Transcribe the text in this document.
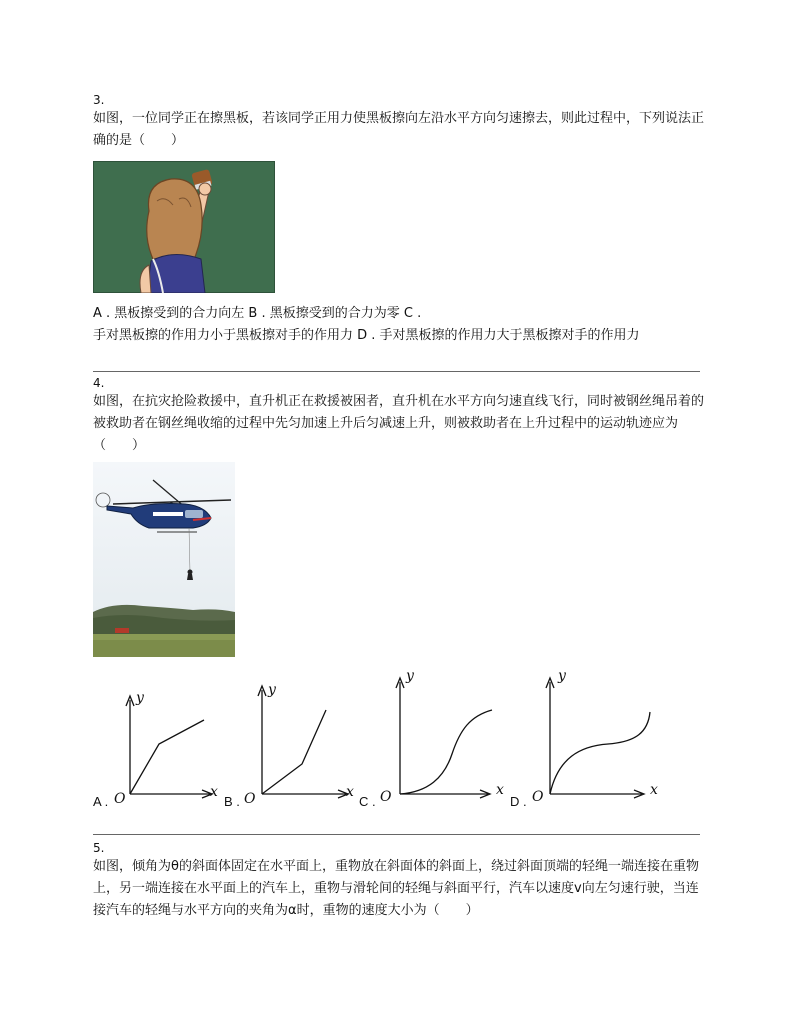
3.
如图，一位同学正在擦黑板，若该同学正用力使黑板擦向左沿水平方向匀速擦去，则此过程中，下列说法正确的是（　　）
A . 黑板擦受到的合力向左 B . 黑板擦受到的合力为零 C .
手对黑板擦的作用力小于黑板擦对手的作用力 D . 手对黑板擦的作用力大于黑板擦对手的作用力
4.
如图，在抗灾抢险救援中，直升机正在救援被困者，直升机在水平方向匀速直线飞行，同时被钢丝绳吊着的被救助者在钢丝绳收缩的过程中先匀加速上升后匀减速上升，则被救助者在上升过程中的运动轨迹应为（　　）
y
x
A . O
y
x
B . O
y
x
C . O
y
x
D . O
5.
如图，倾角为θ的斜面体固定在水平面上，重物放在斜面体的斜面上，绕过斜面顶端的轻绳一端连接在重物上，另一端连接在水平面上的汽车上，重物与滑轮间的轻绳与斜面平行，汽车以速度v向左匀速行驶，当连接汽车的轻绳与水平方向的夹角为α时，重物的速度大小为（　　）
